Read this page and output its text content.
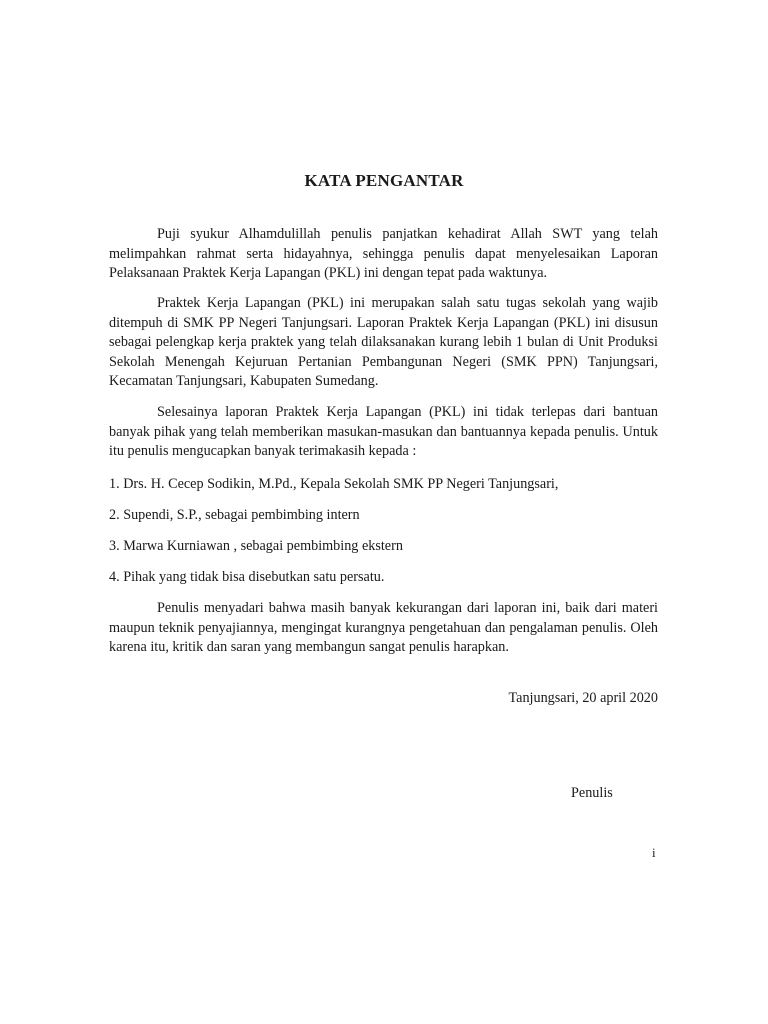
KATA PENGANTAR

Puji syukur Alhamdulillah penulis panjatkan kehadirat Allah SWT yang telah melimpahkan rahmat serta hidayahnya, sehingga penulis dapat menyelesaikan Laporan Pelaksanaan Praktek Kerja Lapangan (PKL) ini dengan tepat pada waktunya.

Praktek Kerja Lapangan (PKL) ini merupakan salah satu tugas sekolah yang wajib ditempuh di SMK PP Negeri Tanjungsari. Laporan Praktek Kerja Lapangan (PKL) ini disusun sebagai pelengkap kerja praktek yang telah dilaksanakan kurang lebih 1 bulan di Unit Produksi Sekolah Menengah Kejuruan Pertanian Pembangunan Negeri (SMK PPN) Tanjungsari, Kecamatan Tanjungsari, Kabupaten Sumedang.

Selesainya laporan Praktek Kerja Lapangan (PKL) ini tidak terlepas dari bantuan banyak pihak yang telah memberikan masukan-masukan dan bantuannya kepada penulis. Untuk itu penulis mengucapkan banyak terimakasih kepada :

1. Drs. H. Cecep Sodikin, M.Pd., Kepala Sekolah SMK PP Negeri Tanjungsari,

2. Supendi, S.P., sebagai pembimbing intern

3. Marwa Kurniawan , sebagai pembimbing ekstern

4. Pihak yang tidak bisa disebutkan satu persatu.

Penulis menyadari bahwa masih banyak kekurangan dari laporan ini, baik dari materi maupun teknik penyajiannya, mengingat kurangnya pengetahuan dan pengalaman penulis. Oleh karena itu, kritik dan saran yang membangun sangat penulis harapkan.

Tanjungsari, 20 april 2020
Penulis
i
